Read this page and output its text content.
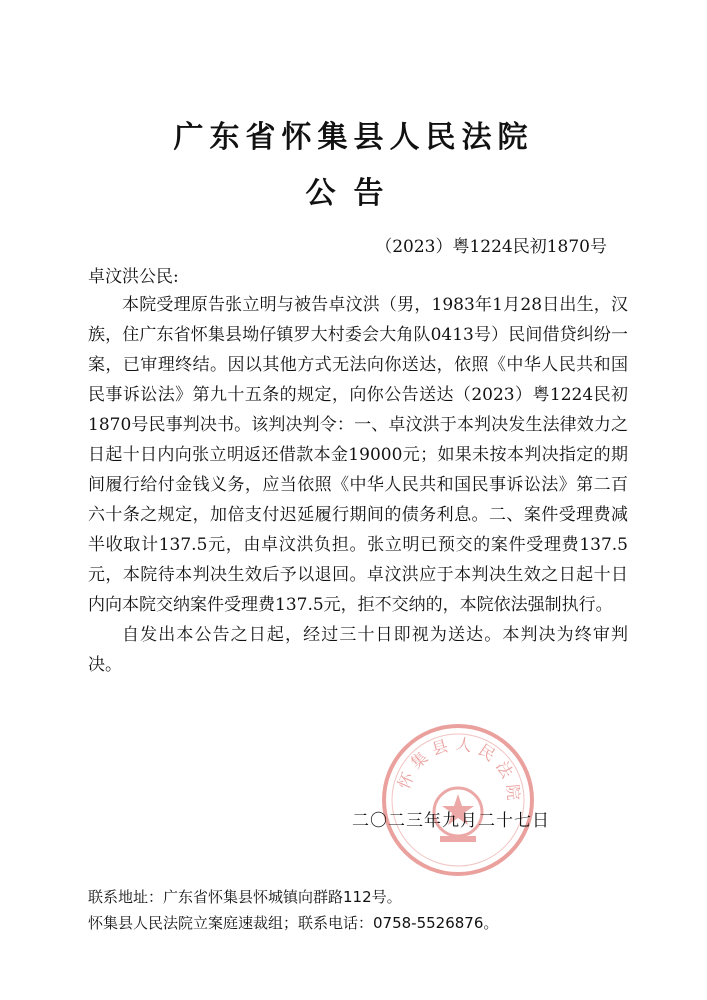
广东省怀集县人民法院
公告
（2023）粤1224民初1870号
卓汶洪公民:

本院受理原告张立明与被告卓汶洪（男，1983年1月28日出生，汉族，住广东省怀集县坳仔镇罗大村委会大角队0413号）民间借贷纠纷一案，已审理终结。因以其他方式无法向你送达，依照《中华人民共和国民事诉讼法》第九十五条的规定，向你公告送达（2023）粤1224民初1870号民事判决书。该判决判令：一、卓汶洪于本判决发生法律效力之日起十日内向张立明返还借款本金19000元；如果未按本判决指定的期间履行给付金钱义务，应当依照《中华人民共和国民事诉讼法》第二百六十条之规定，加倍支付迟延履行期间的债务利息。二、案件受理费减半收取计137.5元，由卓汶洪负担。张立明已预交的案件受理费137.5元，本院待本判决生效后予以退回。卓汶洪应于本判决生效之日起十日内向本院交纳案件受理费137.5元，拒不交纳的，本院依法强制执行。

自发出本公告之日起，经过三十日即视为送达。本判决为终审判决。

怀集县人民法院
二〇二三年九月二十七日
联系地址：广东省怀集县怀城镇向群路112号。
怀集县人民法院立案庭速裁组；联系电话：0758-5526876。
